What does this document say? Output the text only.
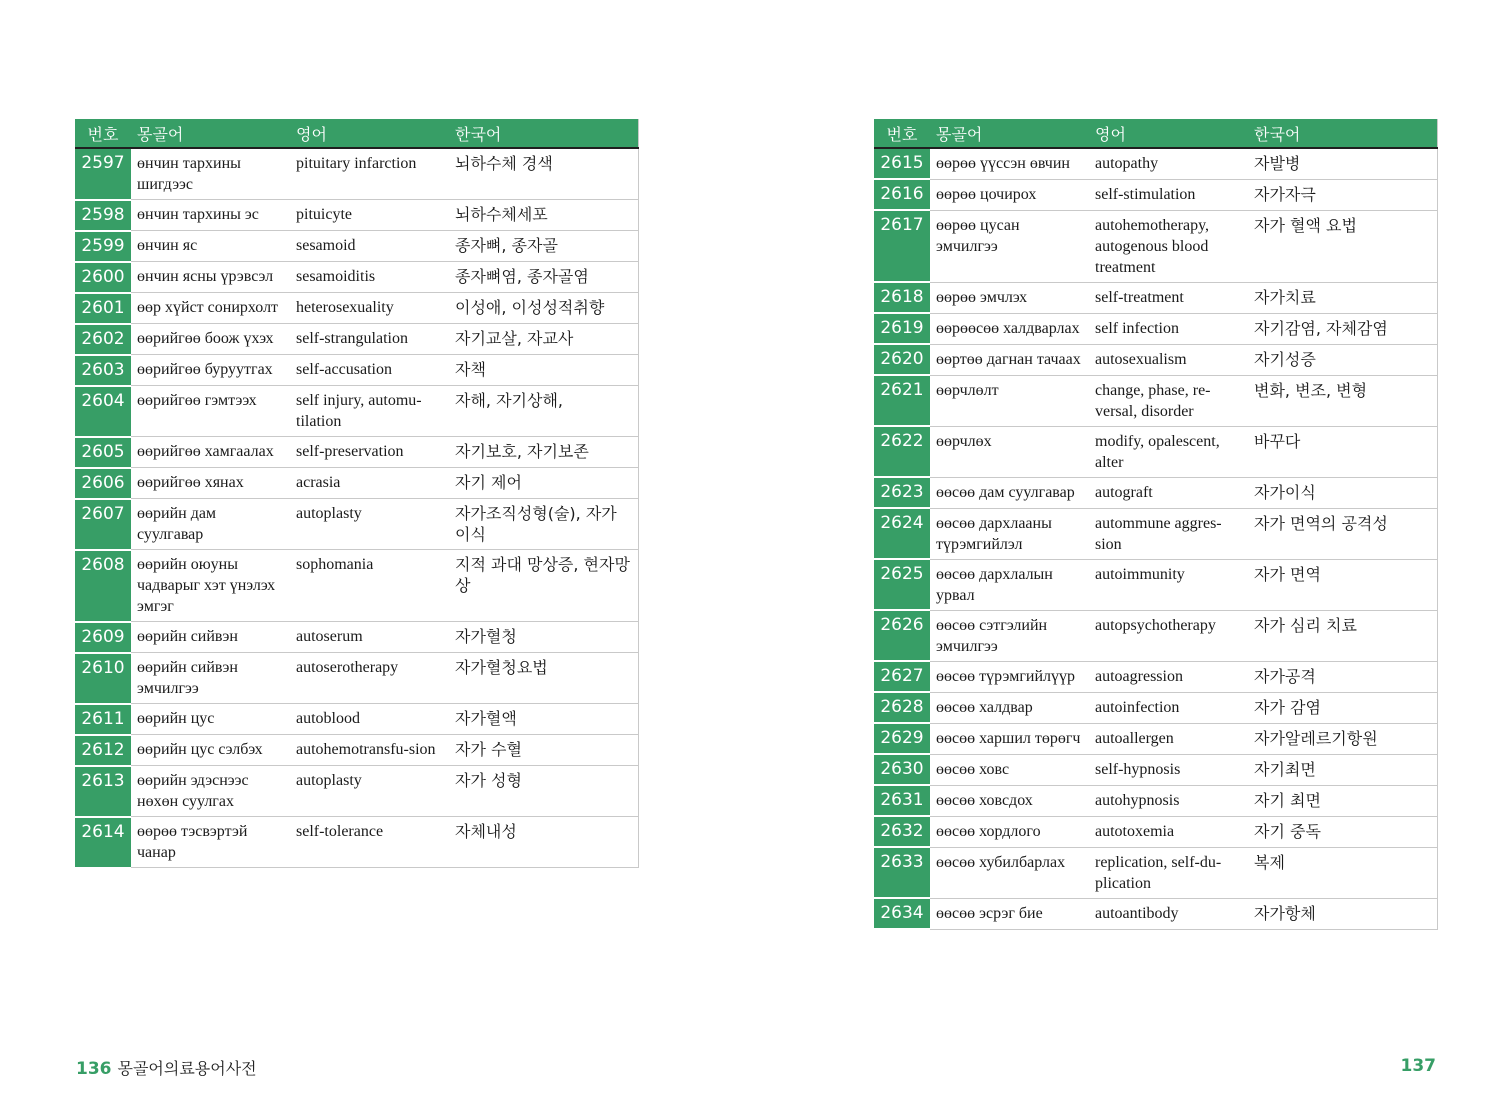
번호	몽골어	영어	한국어
2597	өнчин тархины шигдээс	pituitary infarction	뇌하수체 경색
2598	өнчин тархины эс	pituicyte	뇌하수체세포
2599	өнчин яс	sesamoid	종자뼈, 종자골
2600	өнчин ясны үрэвсэл	sesamoiditis	종자뼈염, 종자골염
2601	өөр хүйст сонирхолт	heterosexuality	이성애, 이성성적취향
2602	өөрийгөө боож үхэх	self-strangulation	자기교살, 자교사
2603	өөрийгөө буруутгах	self-accusation	자책
2604	өөрийгөө гэмтээх	self injury, automu-tilation	자해, 자기상해,
2605	өөрийгөө хамгаалах	self-preservation	자기보호, 자기보존
2606	өөрийгөө хянах	acrasia	자기 제어
2607	өөрийн дам суулгавар	autoplasty	자가조직성형(술), 자가이식
2608	өөрийн оюуны чадварыг хэт үнэлэх эмгэг	sophomania	지적 과대 망상증, 현자망상
2609	өөрийн сийвэн	autoserum	자가혈청
2610	өөрийн сийвэн эмчилгээ	autoserotherapy	자가혈청요법
2611	өөрийн цус	autoblood	자가혈액
2612	өөрийн цус сэлбэх	autohemotransfu-sion	자가 수혈
2613	өөрийн эдэснээс нөхөн суулгах	autoplasty	자가 성형
2614	өөрөө тэсвэртэй чанар	self-tolerance	자체내성
번호	몽골어	영어	한국어
2615	өөрөө үүссэн өвчин	autopathy	자발병
2616	өөрөө цочирох	self-stimulation	자가자극
2617	өөрөө цусан эмчилгээ	autohemotherapy, autogenous blood treatment	자가 혈액 요법
2618	өөрөө эмчлэх	self-treatment	자가치료
2619	өөрөөсөө халдварлах	self infection	자기감염, 자체감염
2620	өөртөө дагнан тачаах	autosexualism	자기성증
2621	өөрчлөлт	change, phase, re-versal, disorder	변화, 변조, 변형
2622	өөрчлөх	modify, opalescent, alter	바꾸다
2623	өөсөө дам суулгавар	autograft	자가이식
2624	өөсөө дархлааны түрэмгийлэл	autommune aggres-sion	자가 면역의 공격성
2625	өөсөө дархлалын урвал	autoimmunity	자가 면역
2626	өөсөө сэтгэлийн эмчилгээ	autopsychotherapy	자가 심리 치료
2627	өөсөө түрэмгийлүүр	autoagression	자가공격
2628	өөсөө халдвар	autoinfection	자가 감염
2629	өөсөө харшил төрөгч	autoallergen	자가알레르기항원
2630	өөсөө ховс	self-hypnosis	자기최면
2631	өөсөө ховсдох	autohypnosis	자기 최면
2632	өөсөө хордлого	autotoxemia	자기 중독
2633	өөсөө хубилбарлах	replication, self-du-plication	복제
2634	өөсөө эсрэг бие	autoantibody	자가항체
136 몽골어의료용어사전	137
